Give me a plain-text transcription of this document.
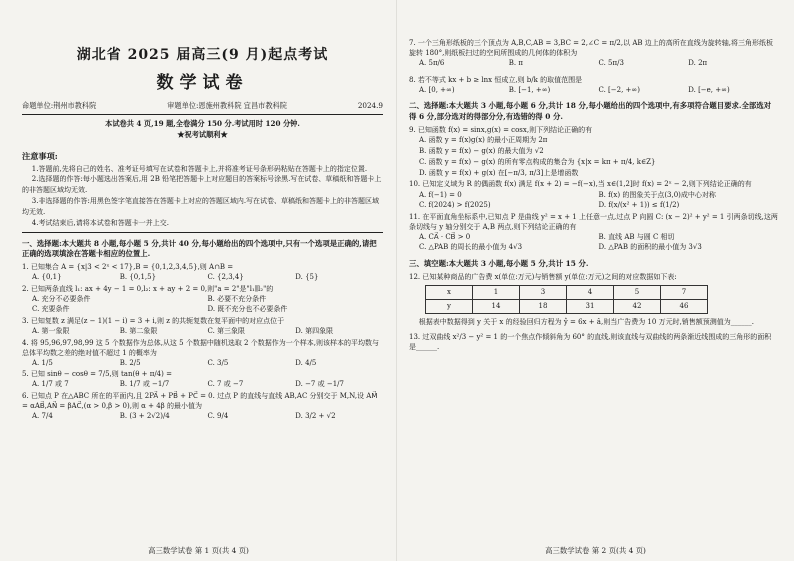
湖北省 2025 届高三(9 月)起点考试
数学试卷
命题单位:荆州市教科院	审题单位:恩施州教科院 宜昌市教科院	2024.9
本试卷共 4 页,19 题,全卷满分 150 分.考试用时 120 分钟.
★祝考试顺利★
注意事项:

1.答题前,先将自己的姓名、准考证号填写在试卷和答题卡上,并将准考证号条形码粘贴在答题卡上的指定位置.

2.选择题的作答:每小题选出答案后,用 2B 铅笔把答题卡上对应题目的答案标号涂黑.写在试卷、草稿纸和答题卡上的非答题区域均无效.

3.非选择题的作答:用黑色签字笔直接答在答题卡上对应的答题区域内.写在试卷、草稿纸和答题卡上的非答题区域均无效.

4.考试结束后,请将本试卷和答题卡一并上交.

一、选择题:本大题共 8 小题,每小题 5 分,共计 40 分,每小题给出的四个选项中,只有一个选项是正确的,请把正确的选项填涂在答题卡相应的位置上.

1. 已知集合 A = {x|3 < 2ˣ < 17},B = {0,1,2,3,4,5},则 A∩B =

A. {0,1}	B. {0,1,5}	C. {2,3,4}	D. {5}

2. 已知两条直线 l₁: ax + 4y − 1 = 0,l₂: x + ay + 2 = 0,则"a = 2"是"l₁∥l₂"的

A. 充分不必要条件	B. 必要不充分条件
C. 充要条件	D. 既不充分也不必要条件

3. 已知复数 z 满足(z − 1)(1 − i) = 3 + i,则 z 的共轭复数在复平面中的对应点位于

A. 第一象限	B. 第二象限	C. 第三象限	D. 第四象限

4. 将 95,96,97,98,99 这 5 个数据作为总体,从这 5 个数据中随机选取 2 个数据作为一个样本,则该样本的平均数与总体平均数之差的绝对值不超过 1 的概率为

A. 1/5	B. 2/5	C. 3/5	D. 4/5

5. 已知 sinθ − cosθ = 7/5,则 tan(θ + π/4) =

A. 1/7 或 7	B. 1/7 或 −1/7	C. 7 或 −7	D. −7 或 −1/7

6. 已知点 P 在△ABC 所在的平面内,且 2PA⃗ + PB⃗ + PC⃗ = 0. 过点 P 的直线与直线 AB,AC 分别交于 M,N,设 AM⃗ = αAB⃗,AN⃗ = βAC⃗,(α > 0,β > 0),则 α + 4β 的最小值为

A. 7/4	B. (3 + 2√2)/4	C. 9/4	D. 3/2 + √2
高三数学试卷 第 1 页(共 4 页)

7. 一个三角形纸板的三个顶点为 A,B,C,AB = 3,BC = 2,∠C = π/2,以 AB 边上的高所在直线为旋转轴,将三角形纸板旋转 180°,则纸板扫过的空间所围成的几何体的体积为

A. 5π/6	B. π	C. 5π/3	D. 2π

8. 若不等式 kx + b ≥ lnx 恒成立,则 b/k 的取值范围是

A. [0, +∞)	B. [−1, +∞)	C. [−2, +∞)	D. [−e, +∞)
二、选择题:本大题共 3 小题,每小题 6 分,共计 18 分,每小题给出的四个选项中,有多项符合题目要求.全部选对得 6 分,部分选对的得部分分,有选错的得 0 分.

9. 已知函数 f(x) = sinx,g(x) = cosx,则下列结论正确的有

A. 函数 y = f(x)g(x) 的最小正周期为 2π
B. 函数 y = f(x) − g(x) 的最大值为 √2
C. 函数 y = f(x) − g(x) 的所有零点构成的集合为 {x|x = kπ + π/4, k∈Z}
D. 函数 y = f(x) + g(x) 在[−π/3, π/3]上是增函数

10. 已知定义域为 R 的偶函数 f(x) 满足 f(x + 2) = −f(−x),当 x∈(1,2]时 f(x) = 2ˣ − 2,则下列结论正确的有

A. f(−1) = 0	B. f(x) 的图象关于点(3,0)成中心对称
C. f(2024) > f(2025)	D. f(x/(x² + 1)) ≤ f(1/2)

11. 在平面直角坐标系中,已知点 P 是曲线 y² = x + 1 上任意一点,过点 P 向圆 C: (x − 2)² + y² = 1 引两条切线,这两条切线与 y 轴分别交于 A,B 两点,则下列结论正确的有

A. CA⃗ · CB⃗ > 0	B. 直线 AB 与圆 C 相切
C. △PAB 的周长的最小值为 4√3	D. △PAB 的面积的最小值为 3√3
三、填空题:本大题共 3 小题,每小题 5 分,共计 15 分.

12. 已知某种商品的广告费 x(单位:万元)与销售额 y(单位:万元)之间的对应数据如下表:

x	1	3	4	5	7
y	14	18	31	42	46

根据表中数据得到 y 关于 x 的经验回归方程为 ŷ = 6x + â,则当广告费为 10 万元时,销售额预测值为______.

13. 过双曲线 x²/3 − y² = 1 的一个焦点作倾斜角为 60° 的直线,则该直线与双曲线的两条渐近线围成的三角形的面积是______.

高三数学试卷 第 2 页(共 4 页)
